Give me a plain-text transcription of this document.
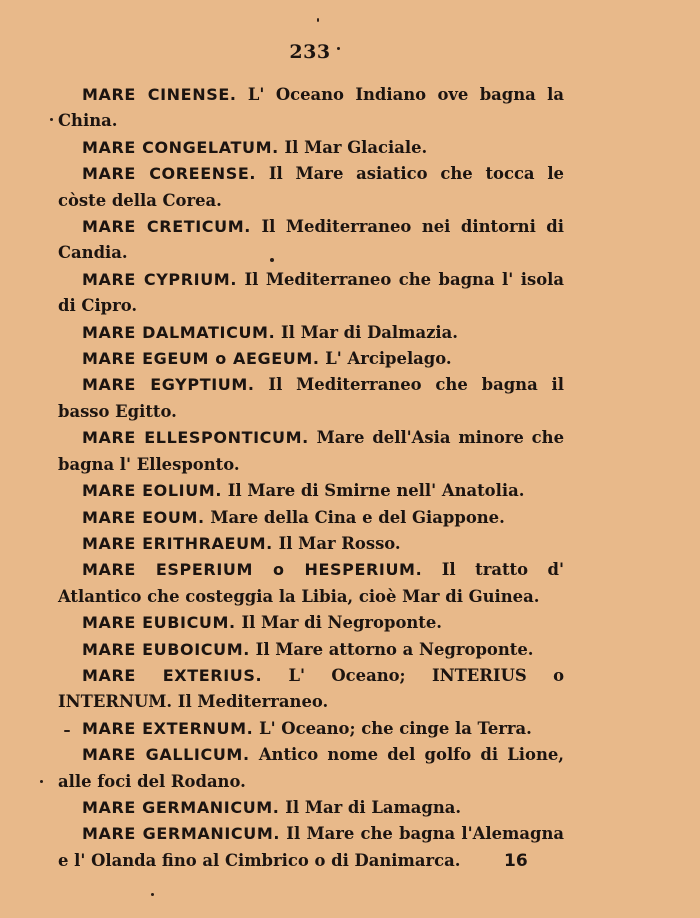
233

MARE CINENSE. L' Oceano Indiano ove bagna la China.

MARE CONGELATUM. Il Mar Glaciale.

MARE COREENSE. Il Mare asiatico che tocca le còste della Corea.

MARE CRETICUM. Il Mediterraneo nei dintorni di Candia.

MARE CYPRIUM. Il Mediterraneo che bagna l' isola di Cipro.

MARE DALMATICUM. Il Mar di Dalmazia.

MARE EGEUM o AEGEUM. L' Arcipelago.

MARE EGYPTIUM. Il Mediterraneo che bagna il basso Egitto.

MARE ELLESPONTICUM. Mare dell'Asia minore che bagna l' Ellesponto.

MARE EOLIUM. Il Mare di Smirne nell' Anatolia.

MARE EOUM. Mare della Cina e del Giappone.

MARE ERITHRAEUM. Il Mar Rosso.

MARE ESPERIUM o HESPERIUM. Il tratto d' Atlantico che costeggia la Libia, cioè Mar di Guinea.

MARE EUBICUM. Il Mar di Negroponte.

MARE EUBOICUM. Il Mare attorno a Negroponte.

MARE EXTERIUS. L' Oceano; INTERIUS o INTERNUM. Il Mediterraneo.

MARE EXTERNUM. L' Oceano; che cinge la Terra.

MARE GALLICUM. Antico nome del golfo di Lione, alle foci del Rodano.

MARE GERMANICUM. Il Mar di Lamagna.

MARE GERMANICUM. Il Mare che bagna l'Alemagna e l' Olanda fino al Cimbrico o di Danimarca.	16
